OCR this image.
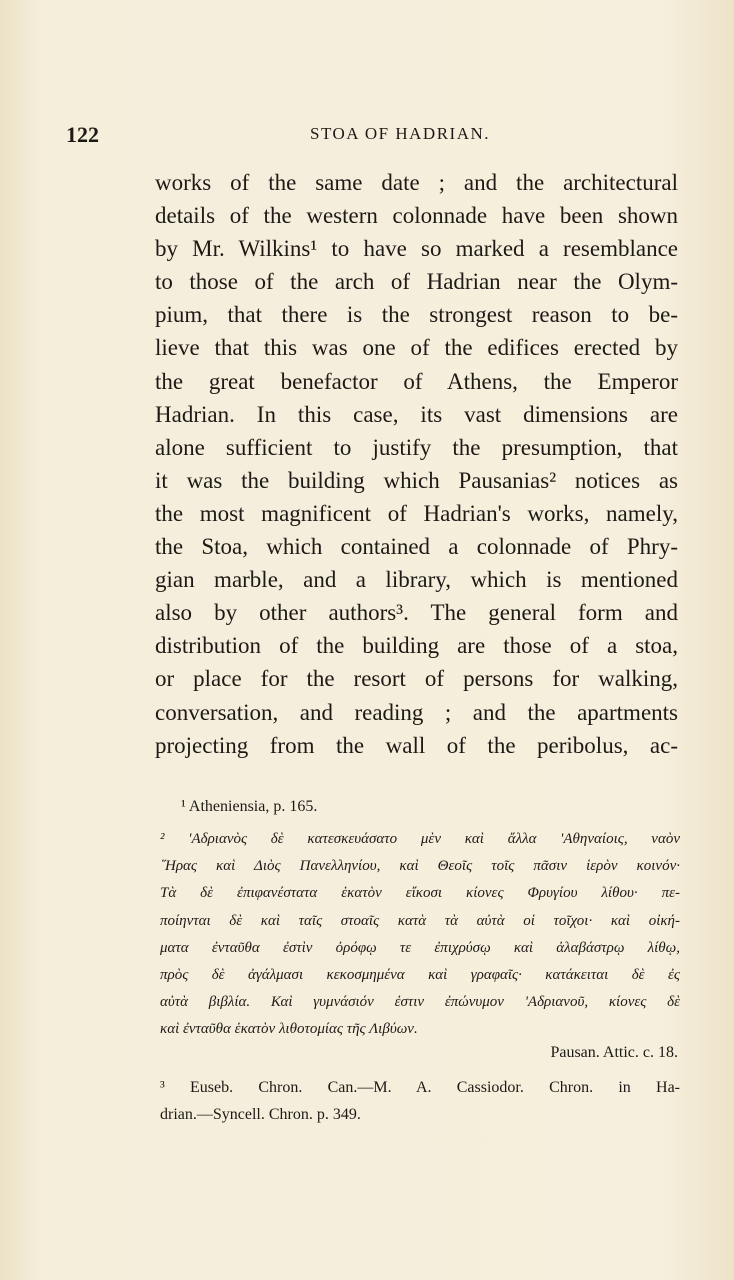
122	STOA OF HADRIAN.
works of the same date ; and the architectural
details of the western colonnade have been shown
by Mr. Wilkins¹ to have so marked a resemblance
to those of the arch of Hadrian near the Olym-
pium, that there is the strongest reason to be-
lieve that this was one of the edifices erected by
the great benefactor of Athens, the Emperor
Hadrian. In this case, its vast dimensions are
alone sufficient to justify the presumption, that
it was the building which Pausanias² notices as
the most magnificent of Hadrian's works, namely,
the Stoa, which contained a colonnade of Phry-
gian marble, and a library, which is mentioned
also by other authors³. The general form and
distribution of the building are those of a stoa,
or place for the resort of persons for walking,
conversation, and reading ; and the apartments
projecting from the wall of the peribolus, ac-
¹ Atheniensia, p. 165.
² 'Αδριανὸς δὲ κατεσκευάσατο μὲν καὶ ἄλλα 'Αθηναίοις, ναὸν
῞Ηρας καὶ Διὸς Πανελληνίου, καὶ Θεοῖς τοῖς πᾶσιν ἱερὸν κοινόν·
Τὰ δὲ ἐπιφανέστατα ἑκατὸν εἴκοσι κίονες Φρυγίου λίθου· πε-
ποίηνται δὲ καὶ ταῖς στοαῖς κατὰ τὰ αὐτὰ οἱ τοῖχοι· καὶ οἰκή-
ματα ἐνταῦθα ἐστὶν ὀρόφῳ τε ἐπιχρύσῳ καὶ ἀλαβάστρῳ λίθῳ,
πρὸς δὲ ἀγάλμασι κεκοσμημένα καὶ γραφαῖς· κατάκειται δὲ ἐς
αὐτὰ βιβλία. Καὶ γυμνάσιόν ἐστιν ἐπώνυμον 'Αδριανοῦ, κίονες δὲ
καὶ ἐνταῦθα ἑκατὸν λιθοτομίας τῆς Λιβύων.
Pausan. Attic. c. 18.
³ Euseb. Chron. Can.—M. A. Cassiodor. Chron. in Ha-
drian.—Syncell. Chron. p. 349.
